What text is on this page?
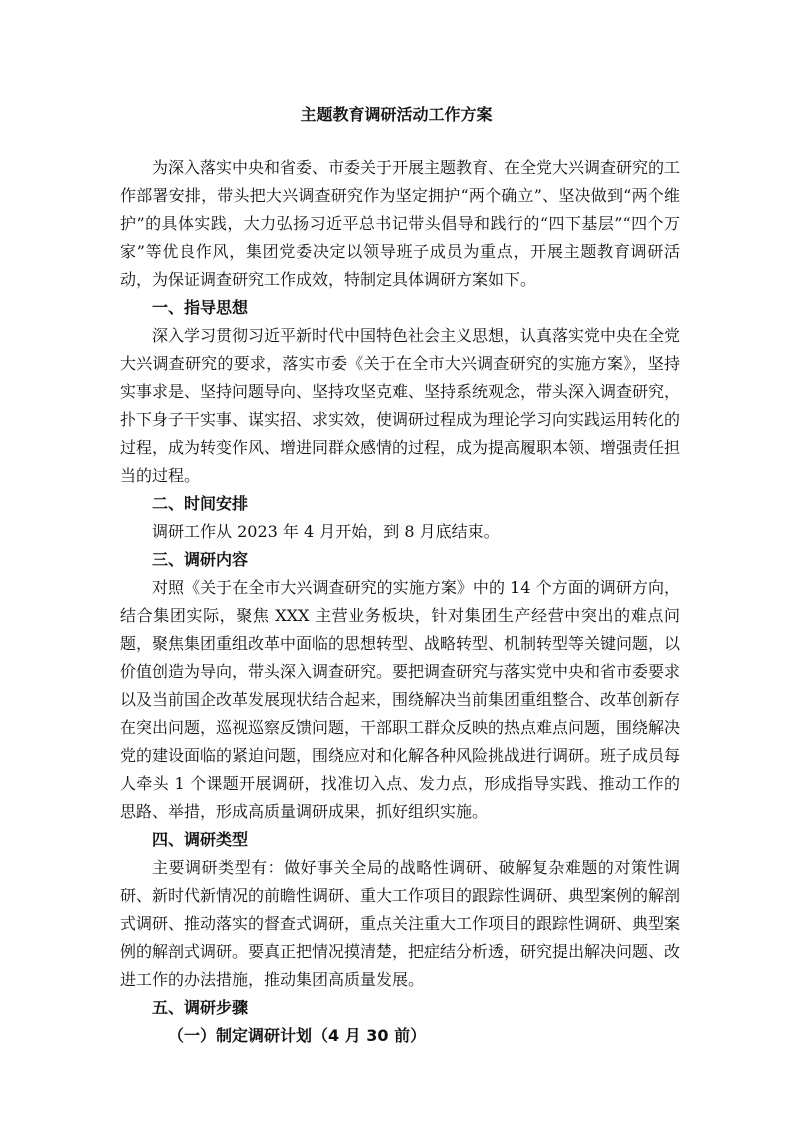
主题教育调研活动工作方案

为深入落实中央和省委、市委关于开展主题教育、在全党大兴调查研究的工作部署安排，带头把大兴调查研究作为坚定拥护“两个确立”、坚决做到“两个维护”的具体实践，大力弘扬习近平总书记带头倡导和践行的“四下基层”“四个万家”等优良作风，集团党委决定以领导班子成员为重点，开展主题教育调研活动，为保证调查研究工作成效，特制定具体调研方案如下。

一、指导思想

深入学习贯彻习近平新时代中国特色社会主义思想，认真落实党中央在全党大兴调查研究的要求，落实市委《关于在全市大兴调查研究的实施方案》，坚持实事求是、坚持问题导向、坚持攻坚克难、坚持系统观念，带头深入调查研究，扑下身子干实事、谋实招、求实效，使调研过程成为理论学习向实践运用转化的过程，成为转变作风、增进同群众感情的过程，成为提高履职本领、增强责任担当的过程。

二、时间安排

调研工作从 2023 年 4 月开始，到 8 月底结束。

三、调研内容

对照《关于在全市大兴调查研究的实施方案》中的 14 个方面的调研方向，结合集团实际，聚焦 XXX 主营业务板块，针对集团生产经营中突出的难点问题，聚焦集团重组改革中面临的思想转型、战略转型、机制转型等关键问题，以价值创造为导向，带头深入调查研究。要把调查研究与落实党中央和省市委要求以及当前国企改革发展现状结合起来，围绕解决当前集团重组整合、改革创新存在突出问题，巡视巡察反馈问题，干部职工群众反映的热点难点问题，围绕解决党的建设面临的紧迫问题，围绕应对和化解各种风险挑战进行调研。班子成员每人牵头 1 个课题开展调研，找准切入点、发力点，形成指导实践、推动工作的思路、举措，形成高质量调研成果，抓好组织实施。

四、调研类型

主要调研类型有：做好事关全局的战略性调研、破解复杂难题的对策性调研、新时代新情况的前瞻性调研、重大工作项目的跟踪性调研、典型案例的解剖式调研、推动落实的督查式调研，重点关注重大工作项目的跟踪性调研、典型案例的解剖式调研。要真正把情况摸清楚，把症结分析透，研究提出解决问题、改进工作的办法措施，推动集团高质量发展。

五、调研步骤
（一）制定调研计划（4 月 30 前）
